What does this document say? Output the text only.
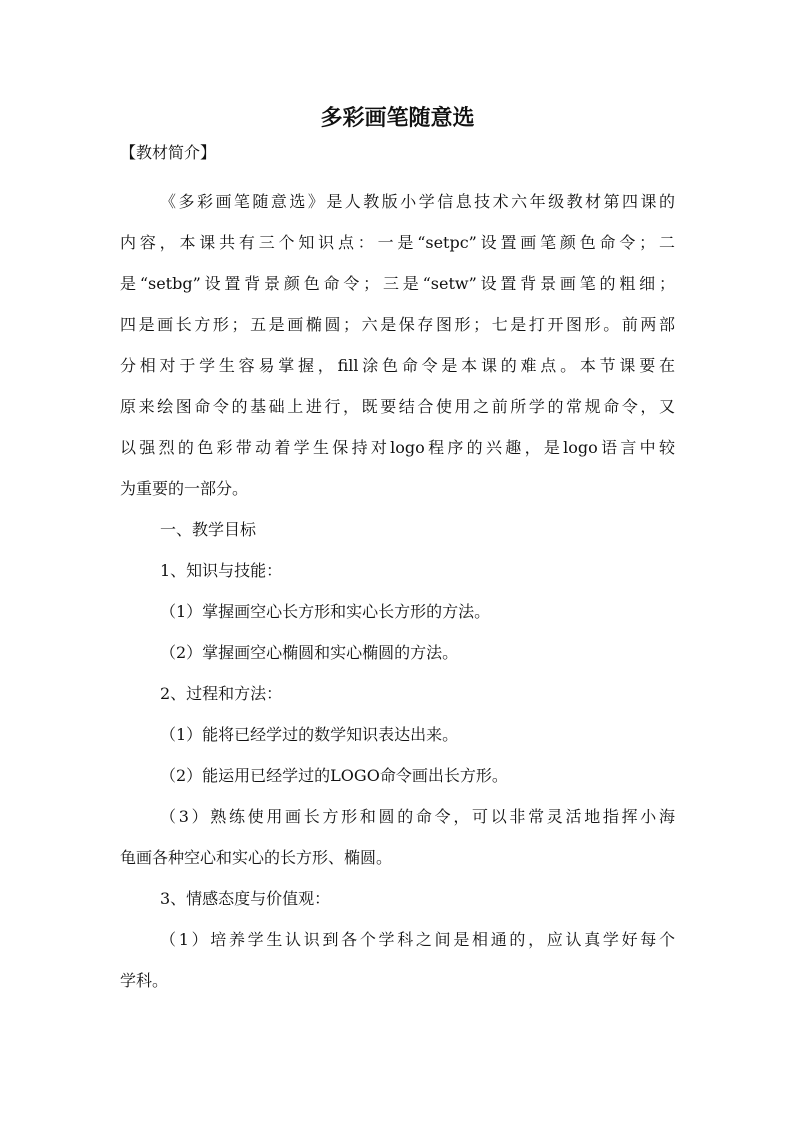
多彩画笔随意选

【教材简介】

《多彩画笔随意选》是人教版小学信息技术六年级教材第四课的

内容，本课共有三个知识点：一是“setpc”设置画笔颜色命令；二

是“setbg”设置背景颜色命令；三是“setw”设置背景画笔的粗细；

四是画长方形；五是画椭圆；六是保存图形；七是打开图形。前两部

分相对于学生容易掌握，fill涂色命令是本课的难点。本节课要在

原来绘图命令的基础上进行，既要结合使用之前所学的常规命令，又

以强烈的色彩带动着学生保持对logo程序的兴趣，是logo语言中较

为重要的一部分。

一、教学目标

1、知识与技能：

（1）掌握画空心长方形和实心长方形的方法。

（2）掌握画空心椭圆和实心椭圆的方法。

2、过程和方法：

（1）能将已经学过的数学知识表达出来。

（2）能运用已经学过的LOGO命令画出长方形。

（3）熟练使用画长方形和圆的命令，可以非常灵活地指挥小海

龟画各种空心和实心的长方形、椭圆。

3、情感态度与价值观：

（1）培养学生认识到各个学科之间是相通的，应认真学好每个

学科。
